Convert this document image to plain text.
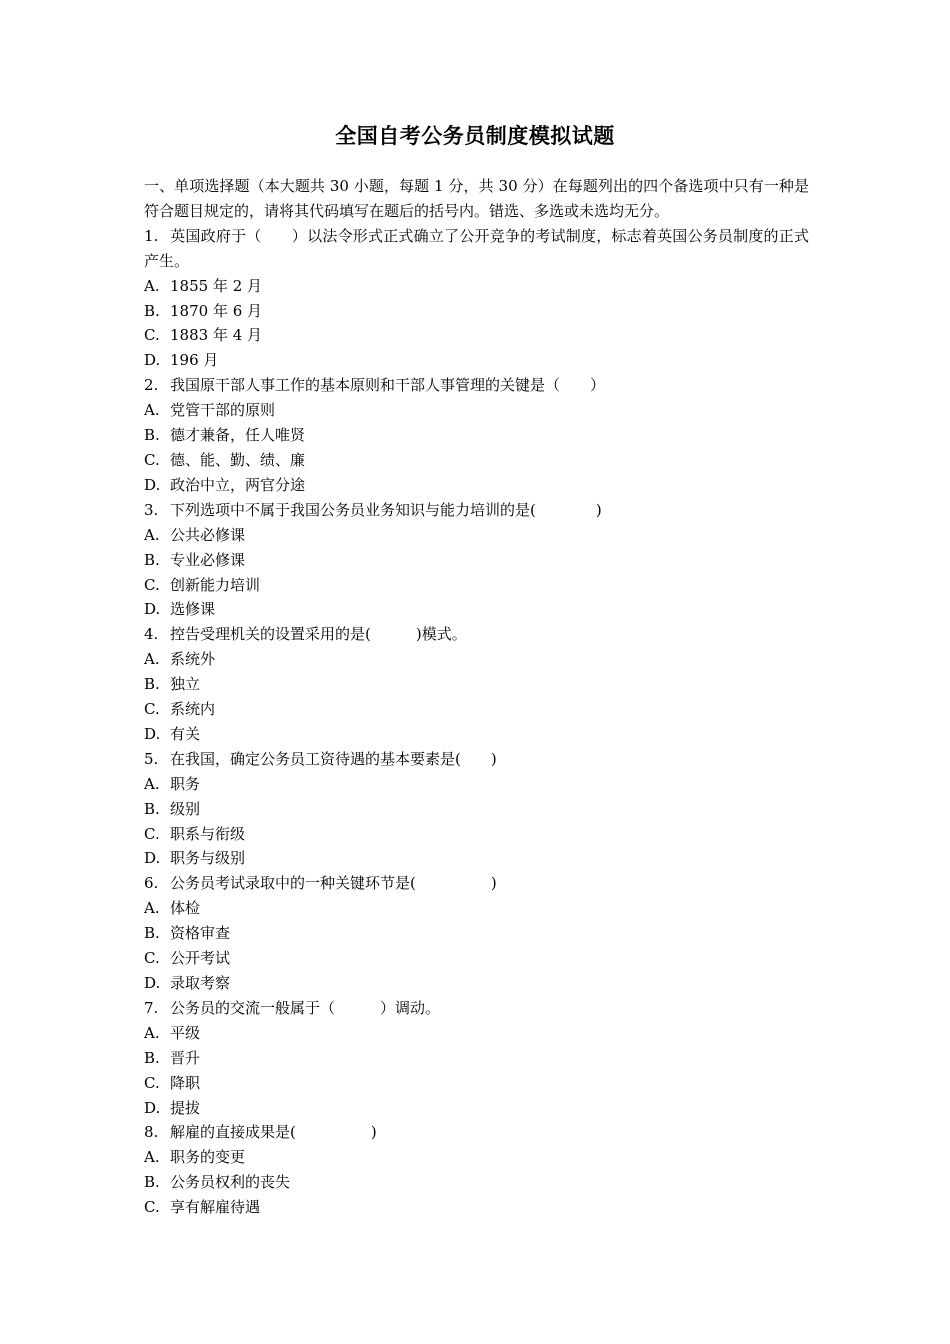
全国自考公务员制度模拟试题
一、单项选择题（本大题共 30 小题，每题 1 分，共 30 分）在每题列出的四个备选项中只有一种是符合题目规定的，请将其代码填写在题后的括号内。错选、多选或未选均无分。
1. 英国政府于（　　）以法令形式正式确立了公开竞争的考试制度，标志着英国公务员制度的正式产生。
A. 1855 年 2 月
B. 1870 年 6 月
C. 1883 年 4 月
D. 196 月
2. 我国原干部人事工作的基本原则和干部人事管理的关键是（　　）
A. 党管干部的原则
B. 德才兼备，任人唯贤
C. 德、能、勤、绩、廉
D. 政治中立，两官分途
3. 下列选项中不属于我国公务员业务知识与能力培训的是(　　　　)
A. 公共必修课
B. 专业必修课
C. 创新能力培训
D. 选修课
4. 控告受理机关的设置采用的是(　　　)模式。
A. 系统外
B. 独立
C. 系统内
D. 有关
5. 在我国，确定公务员工资待遇的基本要素是(　　)
A. 职务
B. 级别
C. 职系与衔级
D. 职务与级别
6. 公务员考试录取中的一种关键环节是(　　　　　)
A. 体检
B. 资格审查
C. 公开考试
D. 录取考察
7. 公务员的交流一般属于（　　　）调动。
A. 平级
B. 晋升
C. 降职
D. 提拔
8. 解雇的直接成果是(　　　　　)
A. 职务的变更
B. 公务员权利的丧失
C. 享有解雇待遇
